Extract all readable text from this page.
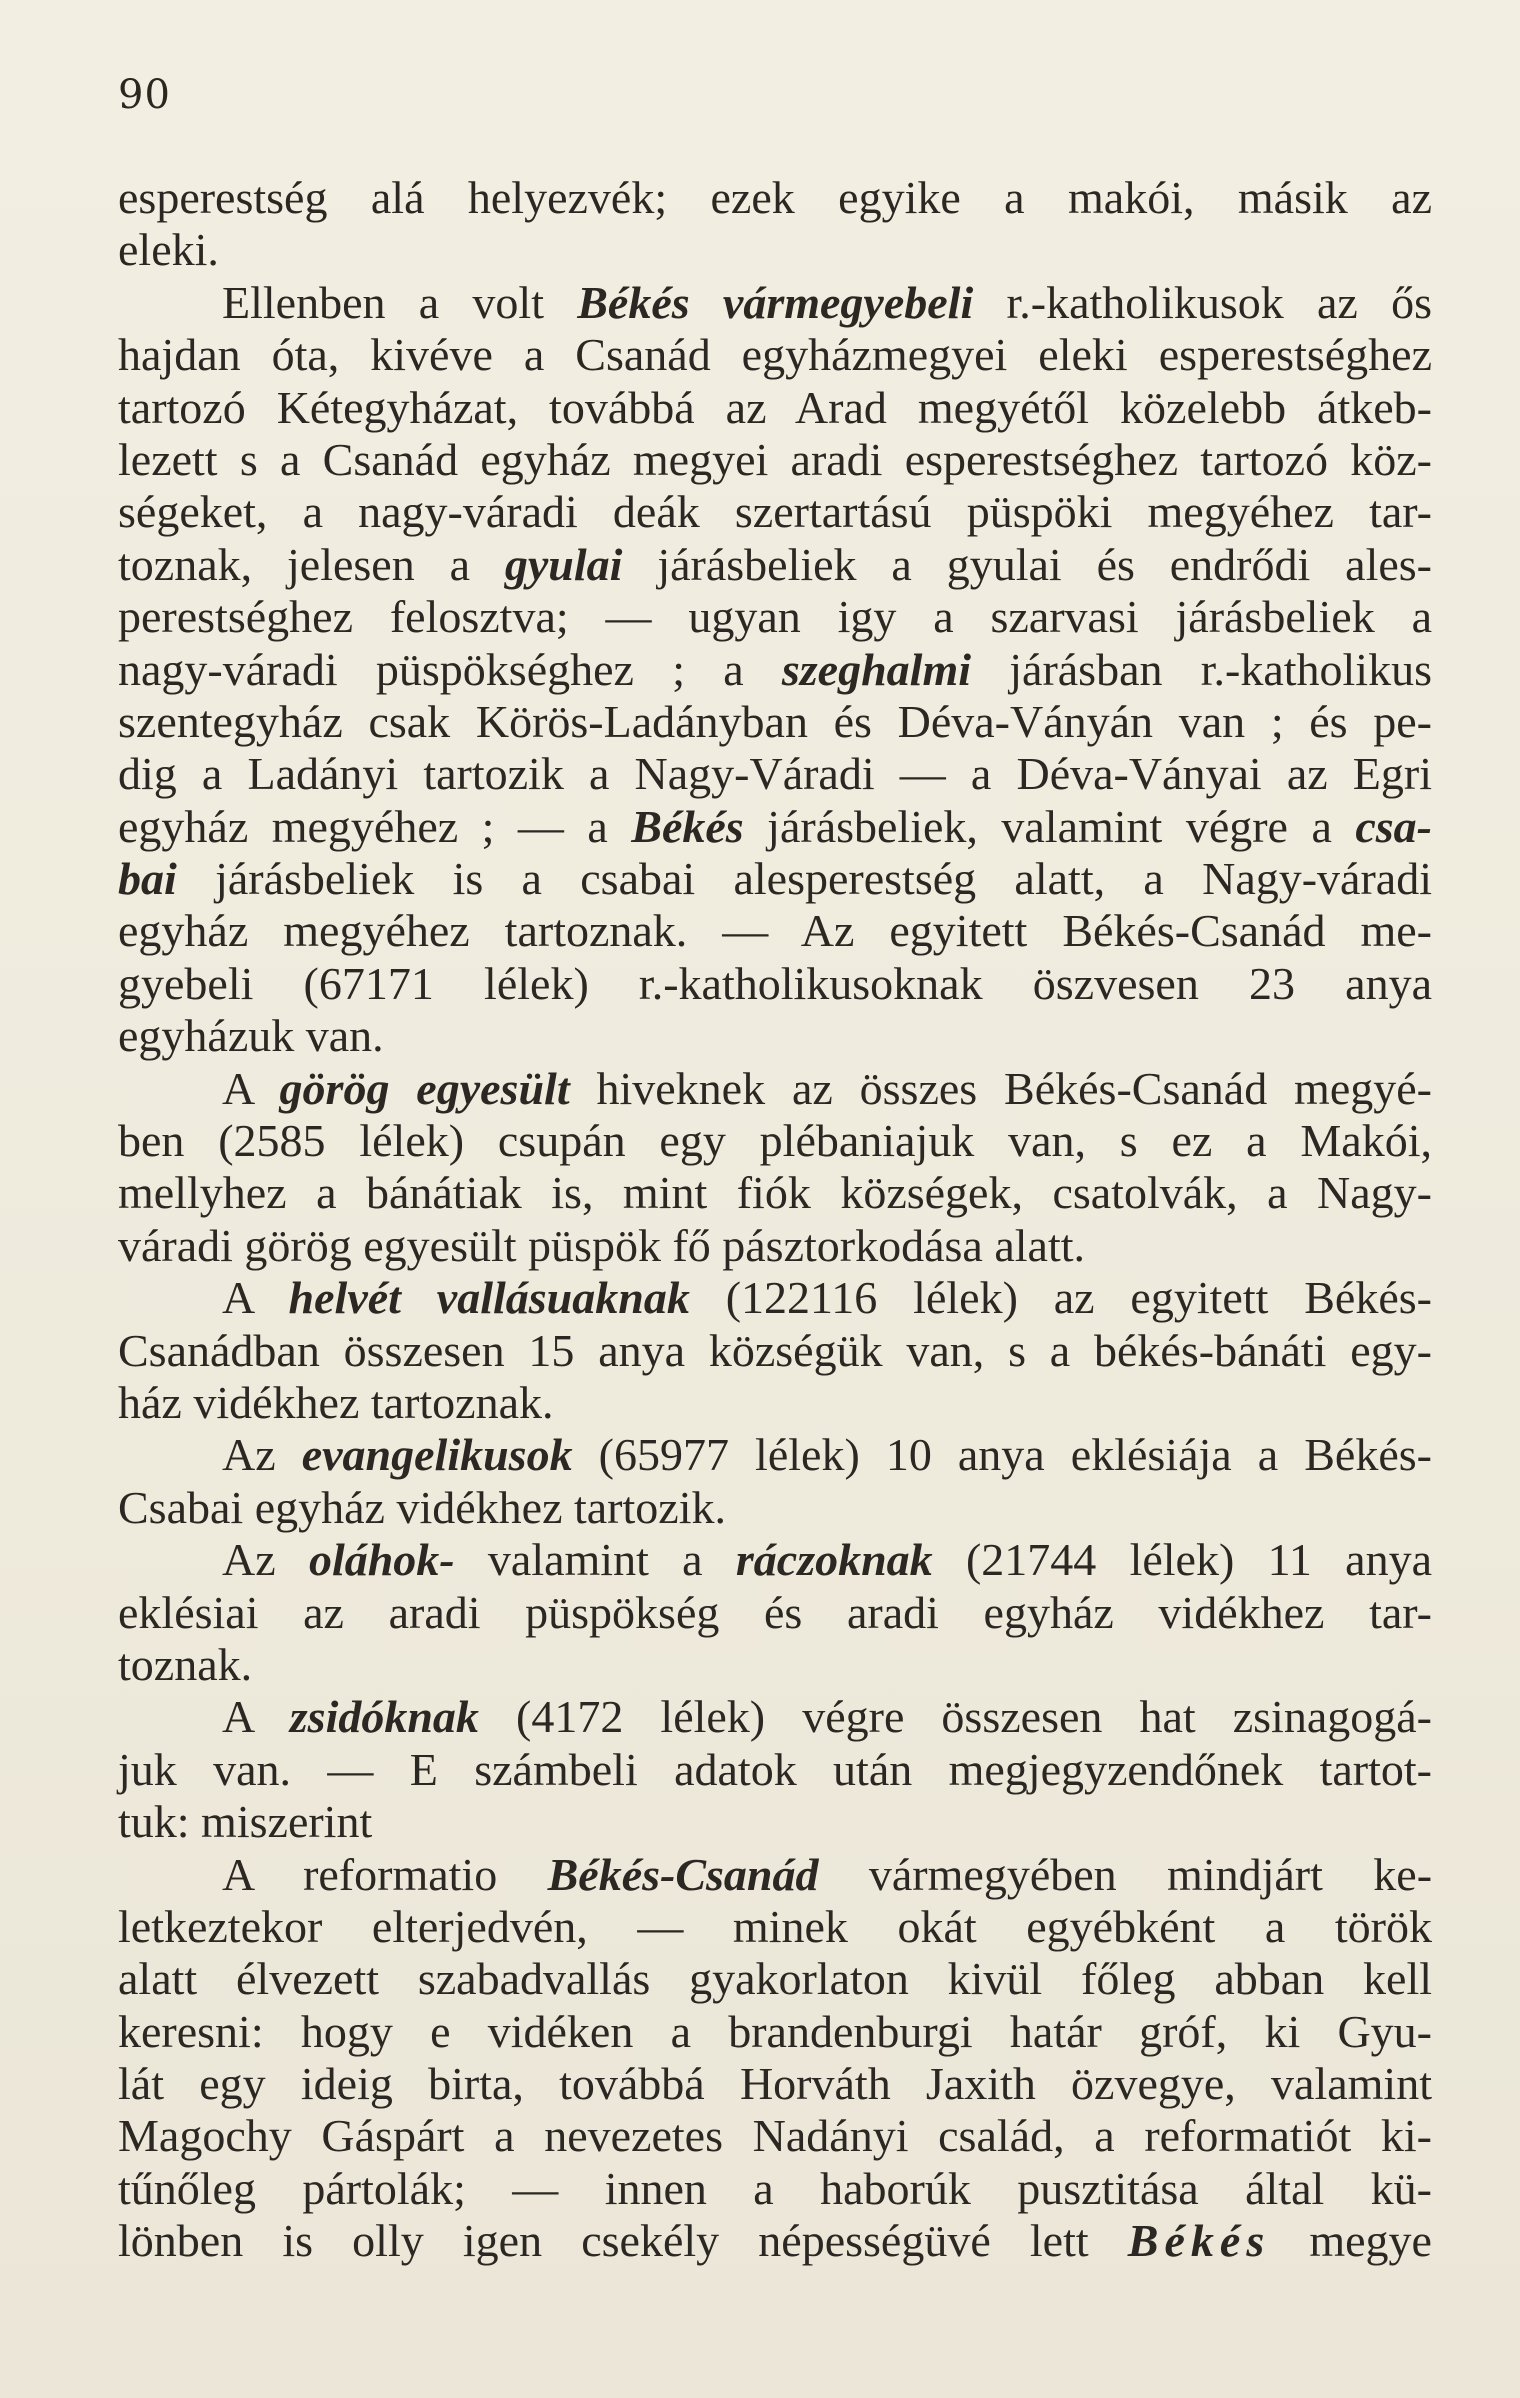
90
esperestség alá helyezvék; ezek egyike a makói, másik az
eleki.
Ellenben a volt Békés vármegyebeli r.-katholikusok az ős
hajdan óta, kivéve a Csanád egyházmegyei eleki esperestséghez
tartozó Kétegyházat, továbbá az Arad megyétől közelebb átkeb-
lezett s a Csanád egyház megyei aradi esperestséghez tartozó köz-
ségeket, a nagy-váradi deák szertartású püspöki megyéhez tar-
toznak, jelesen a gyulai járásbeliek a gyulai és endrődi ales-
perestséghez felosztva; — ugyan igy a szarvasi járásbeliek a
nagy-váradi püspökséghez ; a szeghalmi járásban r.-katholikus
szentegyház csak Körös-Ladányban és Déva-Ványán van ; és pe-
dig a Ladányi tartozik a Nagy-Váradi — a Déva-Ványai az Egri
egyház megyéhez ; — a Békés járásbeliek, valamint végre a csa-
bai járásbeliek is a csabai alesperestség alatt, a Nagy-váradi
egyház megyéhez tartoznak. — Az egyitett Békés-Csanád me-
gyebeli (67171 lélek) r.-katholikusoknak öszvesen 23 anya
egyházuk van.
A görög egyesült hiveknek az összes Békés-Csanád megyé-
ben (2585 lélek) csupán egy plébaniajuk van, s ez a Makói,
mellyhez a bánátiak is, mint fiók községek, csatolvák, a Nagy-
váradi görög egyesült püspök fő pásztorkodása alatt.
A helvét vallásuaknak (122116 lélek) az egyitett Békés-
Csanádban összesen 15 anya községük van, s a békés-bánáti egy-
ház vidékhez tartoznak.
Az evangelikusok (65977 lélek) 10 anya eklésiája a Békés-
Csabai egyház vidékhez tartozik.
Az oláhok- valamint a ráczoknak (21744 lélek) 11 anya
eklésiai az aradi püspökség és aradi egyház vidékhez tar-
toznak.
A zsidóknak (4172 lélek) végre összesen hat zsinagogá-
juk van. — E számbeli adatok után megjegyzendőnek tartot-
tuk: miszerint
A reformatio Békés-Csanád vármegyében mindjárt ke-
letkeztekor elterjedvén, — minek okát egyébként a török
alatt élvezett szabadvallás gyakorlaton kivül főleg abban kell
keresni: hogy e vidéken a brandenburgi határ gróf, ki Gyu-
lát egy ideig birta, továbbá Horváth Jaxith özvegye, valamint
Magochy Gáspárt a nevezetes Nadányi család, a reformatiót ki-
tűnőleg pártolák; — innen a haborúk pusztitása által kü-
lönben is olly igen csekély népességüvé lett Békés megye
